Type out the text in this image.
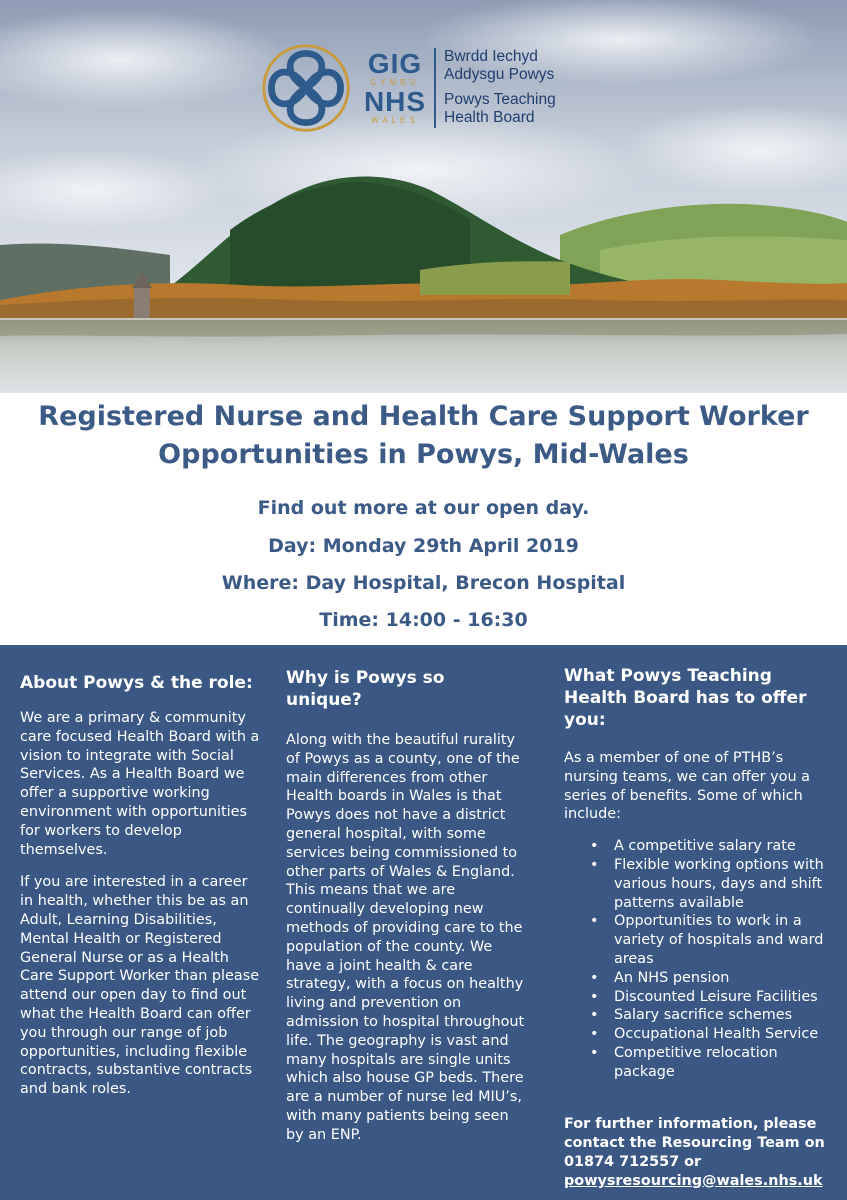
GIG
CYMRU
NHS
WALES
Bwrdd Iechyd
Addysgu Powys
Powys Teaching
Health Board
Registered Nurse and Health Care Support Worker
Opportunities in Powys, Mid-Wales
Find out more at our open day.
Day: Monday 29th April 2019
Where: Day Hospital, Brecon Hospital
Time: 14:00 - 16:30
About Powys & the role:

We are a primary & community care focused Health Board with a vision to integrate with Social Services. As a Health Board we offer a supportive working environment with opportunities for workers to develop themselves.

If you are interested in a career in health, whether this be as an Adult, Learning Disabilities, Mental Health or Registered General Nurse or as a Health Care Support Worker than please attend our open day to find out what the Health Board can offer you through our range of job opportunities, including flexible contracts, substantive contracts and bank roles.

Why is Powys so unique?

Along with the beautiful rurality of Powys as a county, one of the main differences from other Health boards in Wales is that Powys does not have a district general hospital, with some services being commissioned to other parts of Wales & England. This means that we are continually developing new methods of providing care to the population of the county. We have a joint health & care strategy, with a focus on healthy living and prevention on admission to hospital throughout life. The geography is vast and many hospitals are single units which also house GP beds. There are a number of nurse led MIU’s, with many patients being seen by an ENP.

What Powys Teaching Health Board has to offer you:

As a member of one of PTHB’s nursing teams, we can offer you a series of benefits. Some of which include:

• A competitive salary rate
• Flexible working options with various hours, days and shift patterns available
• Opportunities to work in a variety of hospitals and ward areas
• An NHS pension
• Discounted Leisure Facilities
• Salary sacrifice schemes
• Occupational Health Service
• Competitive relocation package
For further information, please contact the Resourcing Team on 01874 712557 or powysresourcing@wales.nhs.uk
